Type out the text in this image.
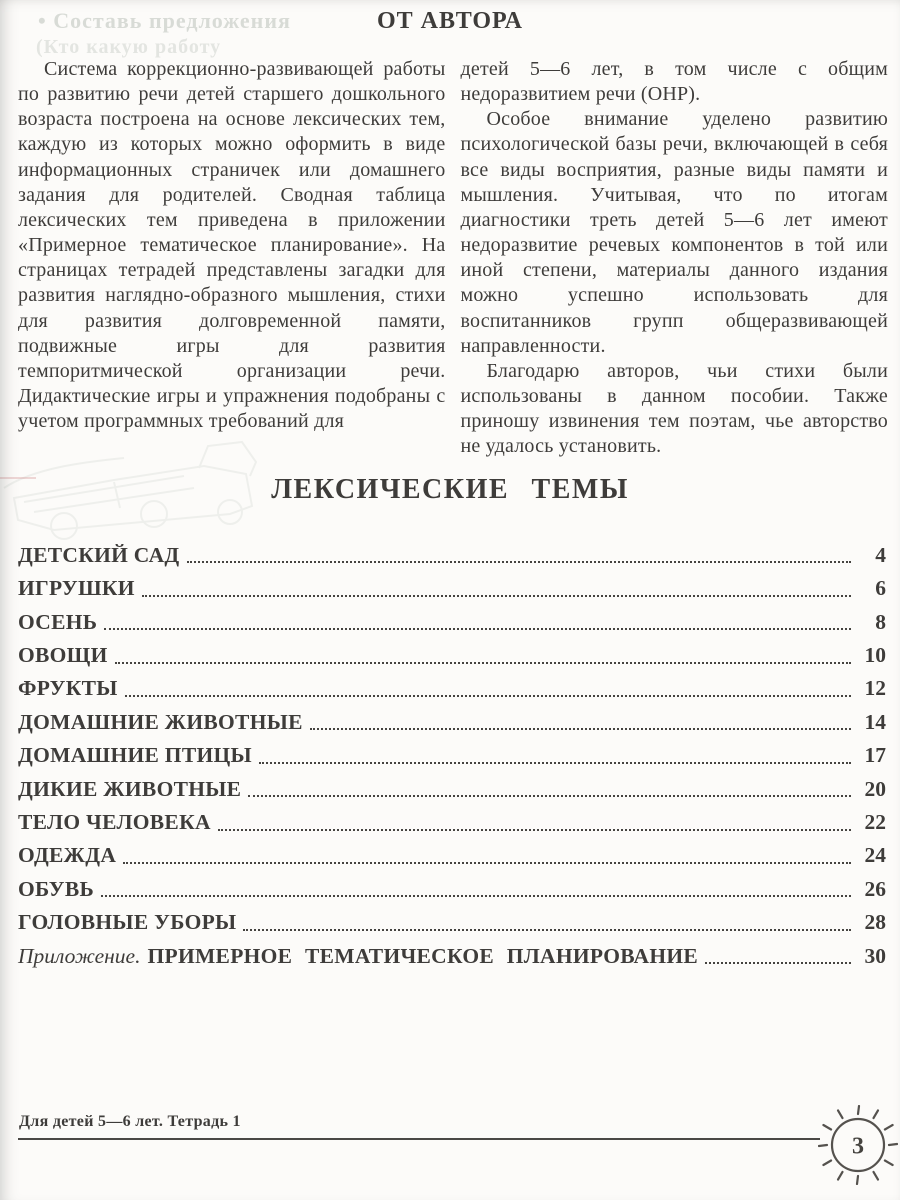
• Составь предложения
(Кто какую работу
ОТ АВТОРА

Система коррекционно-развивающей работы по развитию речи детей старшего дошкольного возраста построена на основе лексических тем, каждую из которых можно оформить в виде информационных страничек или домашнего задания для родителей. Сводная таблица лексических тем приведена в приложении «Примерное тематическое планирование». На страницах тетрадей представлены загадки для развития наглядно-образного мышления, стихи для развития долговременной памяти, подвижные игры для развития темпоритмической организации речи. Дидактические игры и упражнения подобраны с учетом программных требований для

детей 5—6 лет, в том числе с общим недоразвитием речи (ОНР).

Особое внимание уделено развитию психологической базы речи, включающей в себя все виды восприятия, разные виды памяти и мышления. Учитывая, что по итогам диагностики треть детей 5—6 лет имеют недоразвитие речевых компонентов в той или иной степени, материалы данного издания можно успешно использовать для воспитанников групп общеразвивающей направленности.

Благодарю авторов, чьи стихи были использованы в данном пособии. Также приношу извинения тем поэтам, чье авторство не удалось установить.

ЛЕКСИЧЕСКИЕ ТЕМЫ
ДЕТСКИЙ САД	4
ИГРУШКИ	6
ОСЕНЬ	8
ОВОЩИ	10
ФРУКТЫ	12
ДОМАШНИЕ ЖИВОТНЫЕ	14
ДОМАШНИЕ ПТИЦЫ	17
ДИКИЕ ЖИВОТНЫЕ	20
ТЕЛО ЧЕЛОВЕКА	22
ОДЕЖДА	24
ОБУВЬ	26
ГОЛОВНЫЕ УБОРЫ	28
Приложение. ПРИМЕРНОЕ ТЕМАТИЧЕСКОЕ ПЛАНИРОВАНИЕ	30
Для детей 5—6 лет. Тетрадь 1
3
